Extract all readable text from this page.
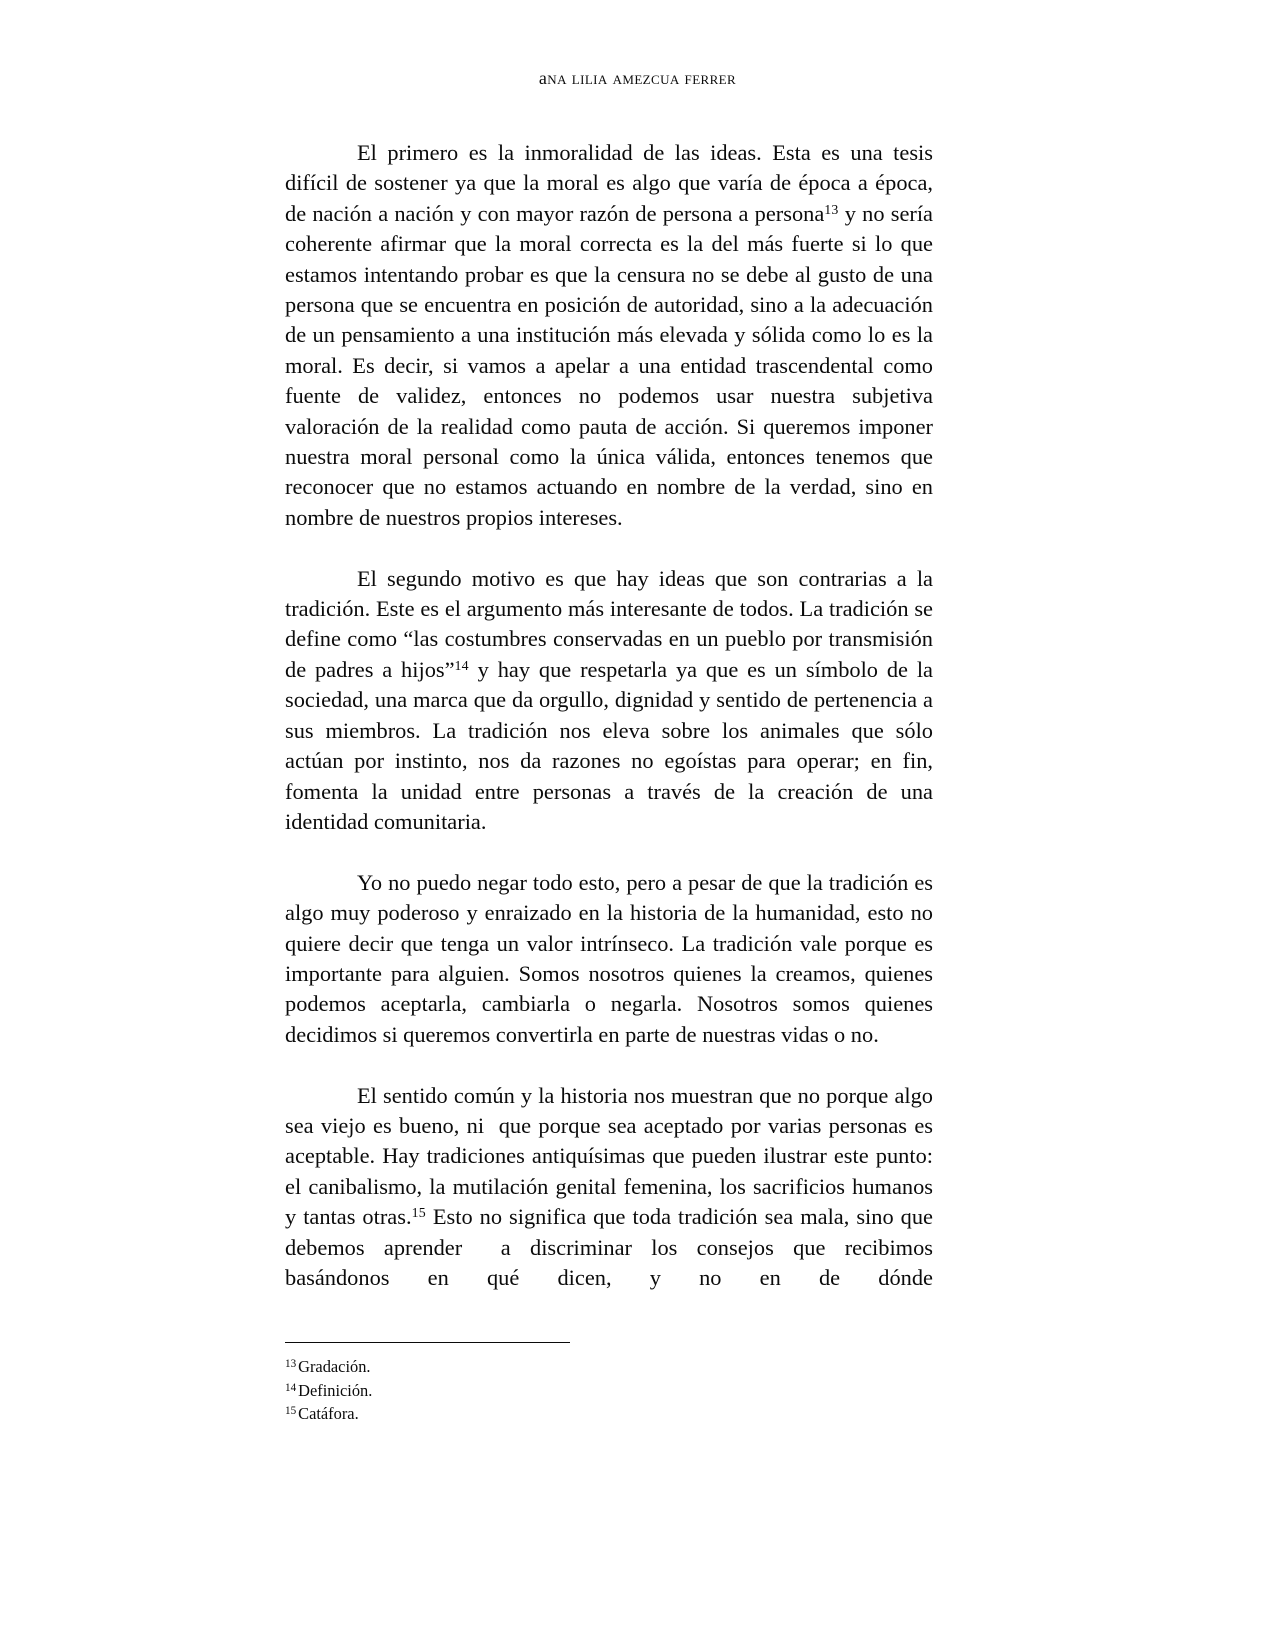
ana lilia amezcua ferrer

El primero es la inmoralidad de las ideas. Esta es una tesis difícil de sostener ya que la moral es algo que varía de época a época, de nación a nación y con mayor razón de persona a persona$^{13}$ y no sería coherente afirmar que la moral correcta es la del más fuerte si lo que estamos intentando probar es que la censura no se debe al gusto de una persona que se encuentra en posición de autoridad, sino a la adecuación de un pensamiento a una institución más elevada y sólida como lo es la moral. Es decir, si vamos a apelar a una entidad trascendental como fuente de validez, entonces no podemos usar nuestra subjetiva valoración de la realidad como pauta de acción. Si queremos imponer nuestra moral personal como la única válida, entonces tenemos que reconocer que no estamos actuando en nombre de la verdad, sino en nombre de nuestros propios intereses.

El segundo motivo es que hay ideas que son contrarias a la tradición. Este es el argumento más interesante de todos. La tradición se define como “las costumbres conservadas en un pueblo por transmisión de padres a hijos”$^{14}$ y hay que respetarla ya que es un símbolo de la sociedad, una marca que da orgullo, dignidad y sentido de pertenencia a sus miembros. La tradición nos eleva sobre los animales que sólo actúan por instinto, nos da razones no egoístas para operar; en fin, fomenta la unidad entre personas a través de la creación de una identidad comunitaria.

Yo no puedo negar todo esto, pero a pesar de que la tradición es algo muy poderoso y enraizado en la historia de la humanidad, esto no quiere decir que tenga un valor intrínseco. La tradición vale porque es importante para alguien. Somos nosotros quienes la creamos, quienes podemos aceptarla, cambiarla o negarla. Nosotros somos quienes decidimos si queremos convertirla en parte de nuestras vidas o no.

El sentido común y la historia nos muestran que no porque algo sea viejo es bueno, ni  que porque sea aceptado por varias personas es aceptable. Hay tradiciones antiquísimas que pueden ilustrar este punto: el canibalismo, la mutilación genital femenina, los sacrificios humanos y tantas otras.$^{15}$ Esto no significa que toda tradición sea mala, sino que debemos aprender  a discriminar los consejos que recibimos basándonos en qué dicen, y no en de dónde

$^{13}$ Gradación.
$^{14}$ Definición.
$^{15}$ Catáfora.
